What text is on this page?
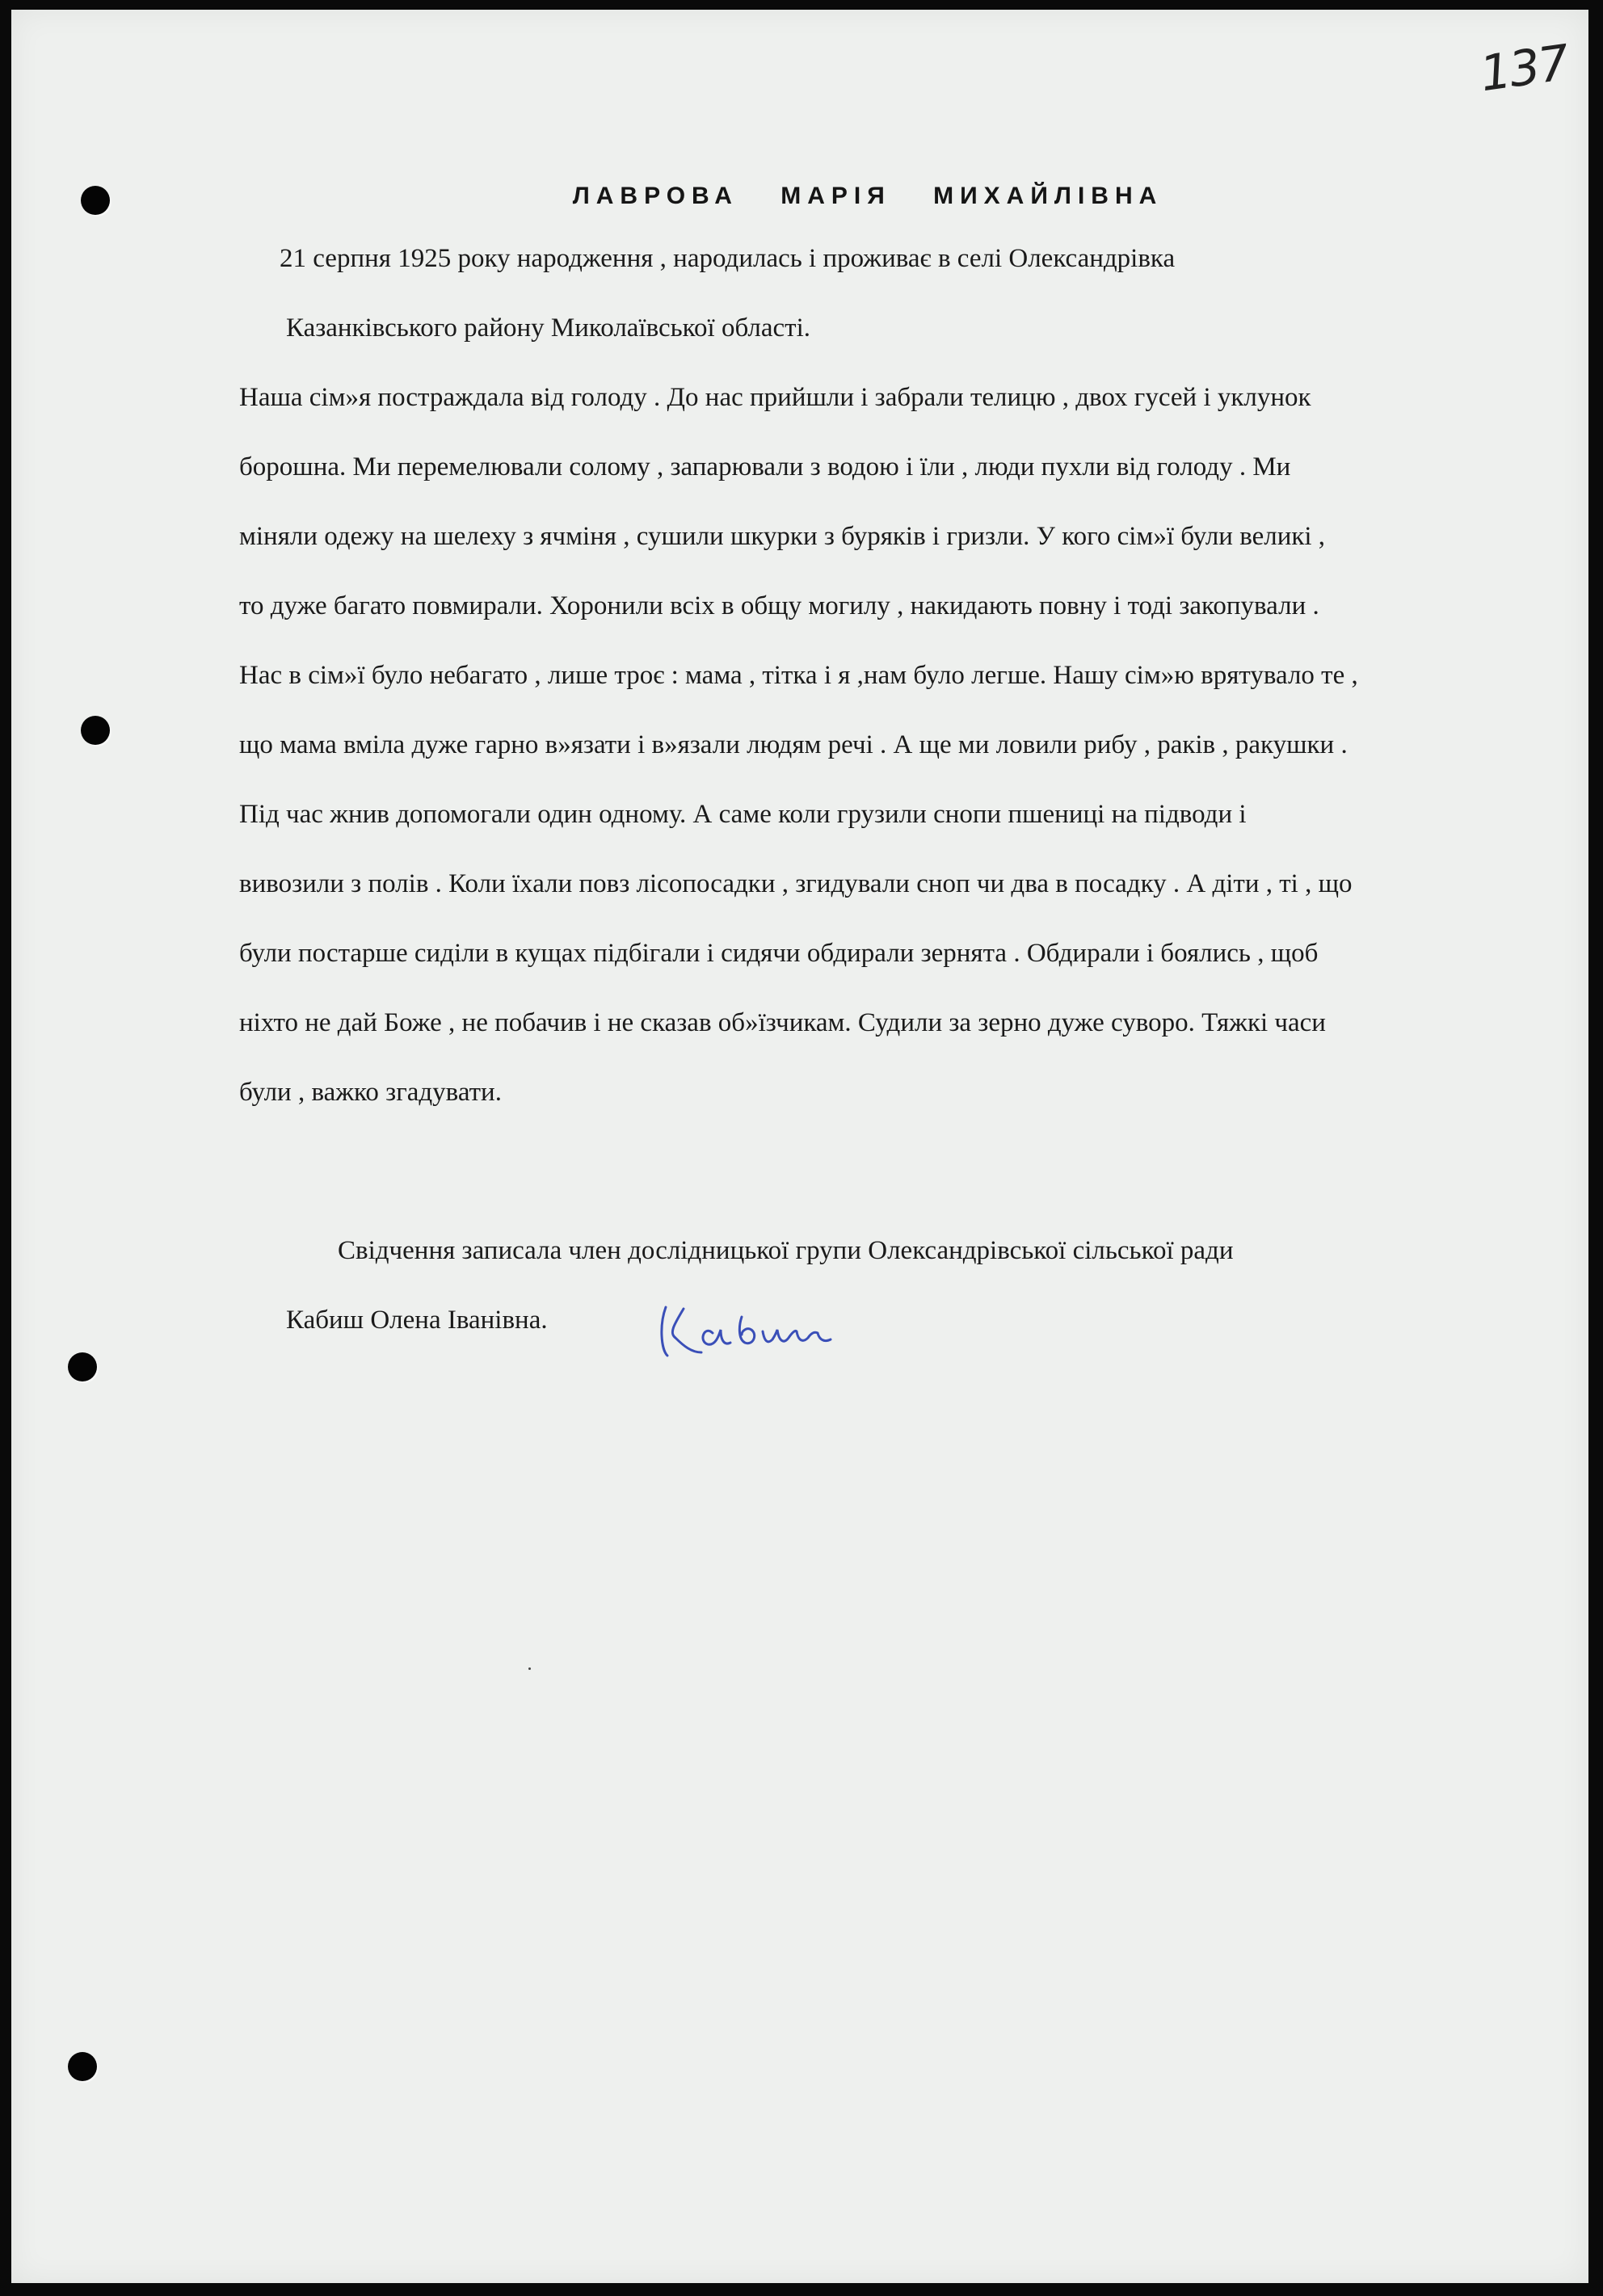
137
ЛАВРОВА МАРІЯ МИХАЙЛІВНА
21 серпня 1925 року народження , народилась і проживає в селі Олександрівка
Казанківського району Миколаївської області.
Наша сім»я постраждала від голоду . До нас прийшли і забрали телицю , двох гусей і уклунок
борошна. Ми перемелювали солому , запарювали з водою і їли , люди пухли від голоду . Ми
міняли одежу на шелеху з ячміня , сушили шкурки з буряків і гризли. У кого сім»ї були великі ,
то дуже багато повмирали. Хоронили всіх в общу могилу , накидають повну і тоді закопували .
Нас в сім»ї було небагато , лише троє : мама , тітка і я ,нам було легше. Нашу сім»ю врятувало те ,
що мама вміла дуже гарно в»язати і в»язали людям речі . А ще ми ловили рибу , раків , ракушки .
Під час жнив допомогали один одному. А саме коли грузили снопи пшениці на підводи і
вивозили з полів . Коли їхали повз лісопосадки , згидували сноп чи два в посадку . А діти , ті , що
були постарше сиділи в кущах підбігали і сидячи обдирали зернята . Обдирали і боялись , щоб
ніхто не дай Боже , не побачив і не сказав об»їзчикам. Судили за зерно дуже суворо. Тяжкі часи
були , важко згадувати.
Свідчення записала член дослідницької групи Олександрівської сільської ради
Кабиш Олена Іванівна.
